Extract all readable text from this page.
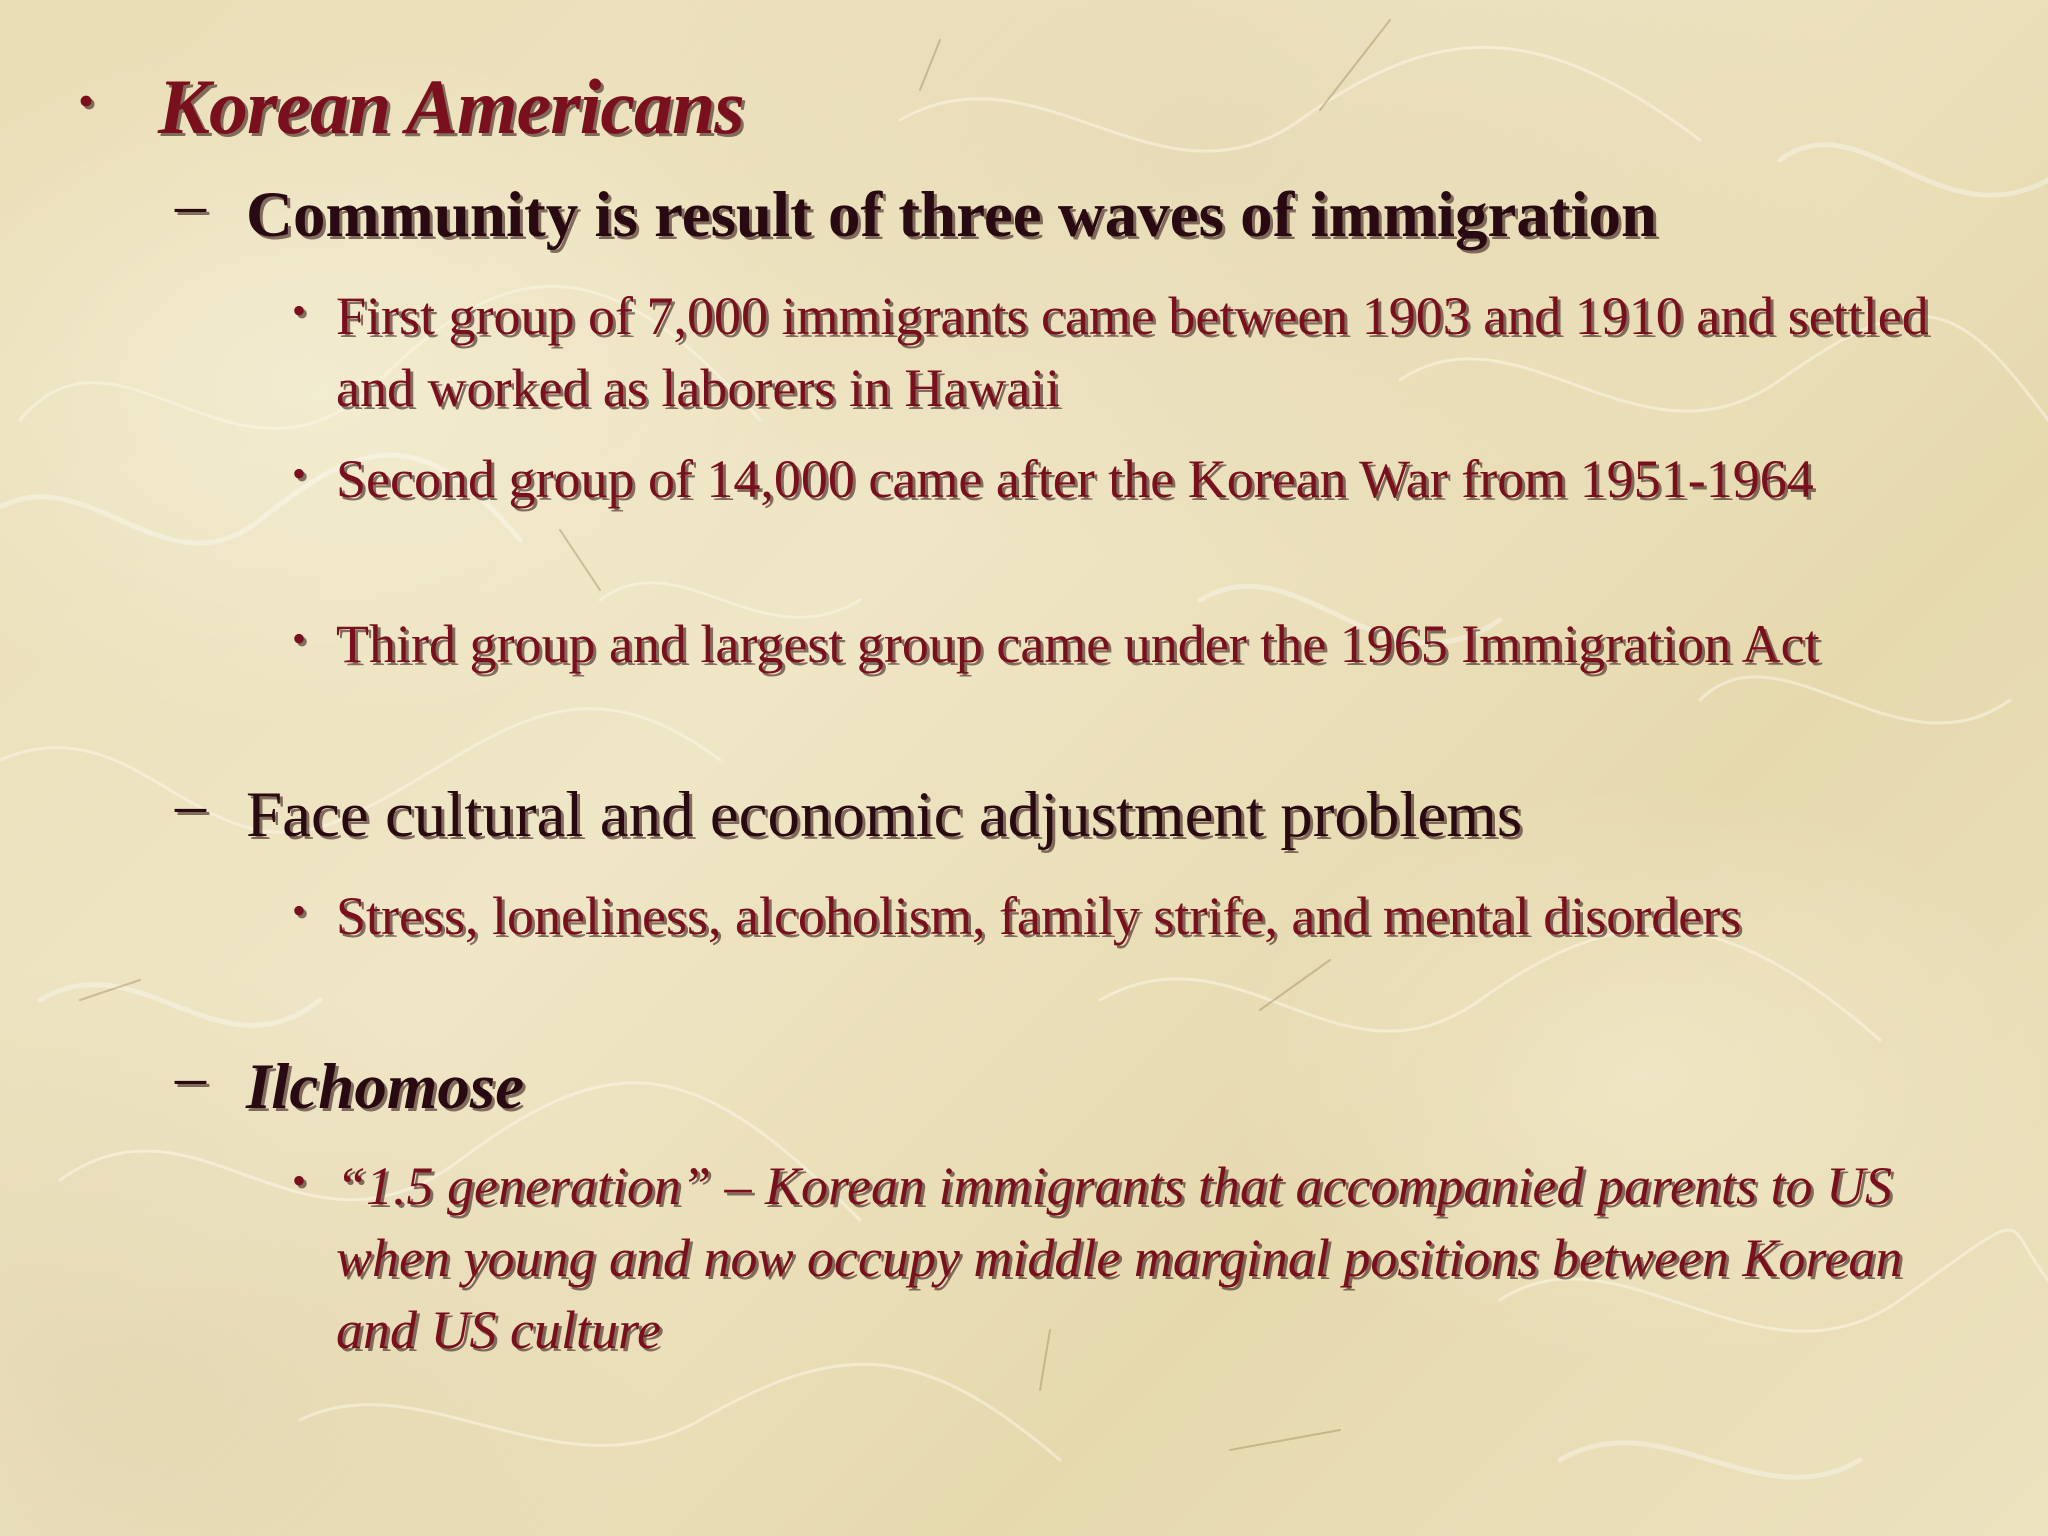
• Korean Americans
– Community is result of three waves of immigration
• First group of 7,000 immigrants came between 1903 and 1910 and settled and worked as laborers in Hawaii
• Second group of 14,000 came after the Korean War from 1951-1964
• Third group and largest group came under the 1965 Immigration Act
– Face cultural and economic adjustment problems
• Stress, loneliness, alcoholism, family strife, and mental disorders
– Ilchomose
• “1.5 generation” – Korean immigrants that accompanied parents to US when young and now occupy middle marginal positions between Korean and US culture
